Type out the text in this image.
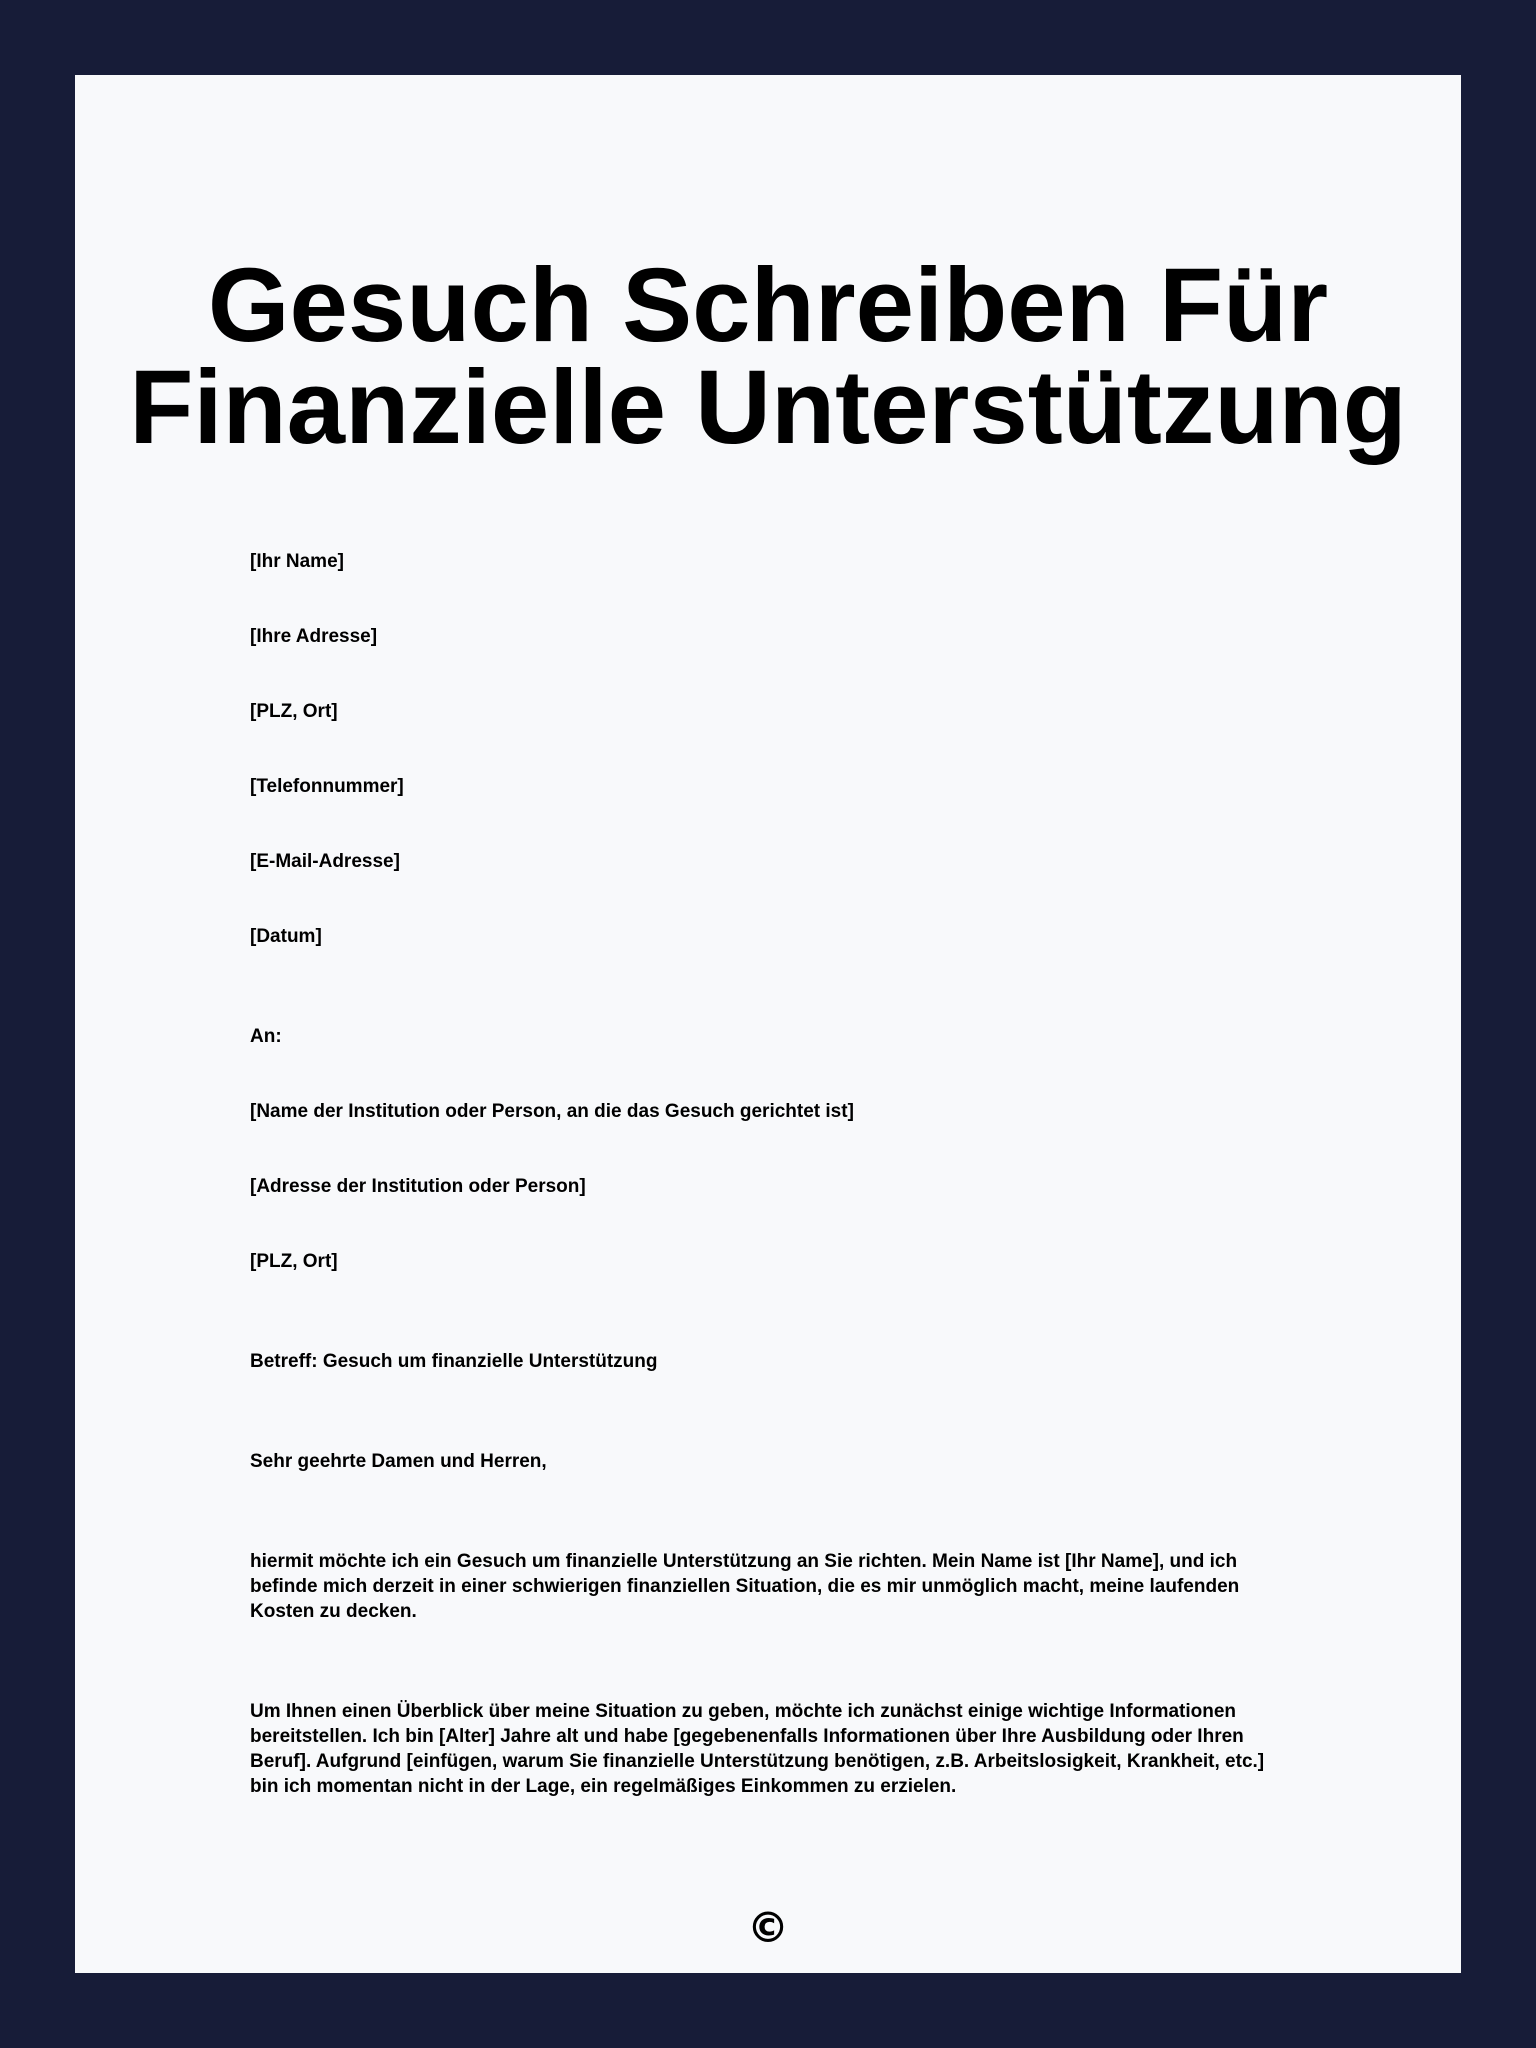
Gesuch Schreiben Für
Finanzielle Unterstützung
[Ihr Name]
[Ihre Adresse]
[PLZ, Ort]
[Telefonnummer]
[E-Mail-Adresse]
[Datum]
An:
[Name der Institution oder Person, an die das Gesuch gerichtet ist]
[Adresse der Institution oder Person]
[PLZ, Ort]
Betreff: Gesuch um finanzielle Unterstützung
Sehr geehrte Damen und Herren,
hiermit möchte ich ein Gesuch um finanzielle Unterstützung an Sie richten. Mein Name ist [Ihr Name], und ich befinde mich derzeit in einer schwierigen finanziellen Situation, die es mir unmöglich macht, meine laufenden Kosten zu decken.
Um Ihnen einen Überblick über meine Situation zu geben, möchte ich zunächst einige wichtige Informationen bereitstellen. Ich bin [Alter] Jahre alt und habe [gegebenenfalls Informationen über Ihre Ausbildung oder Ihren Beruf]. Aufgrund [einfügen, warum Sie finanzielle Unterstützung benötigen, z.B. Arbeitslosigkeit, Krankheit, etc.] bin ich momentan nicht in der Lage, ein regelmäßiges Einkommen zu erzielen.
©
